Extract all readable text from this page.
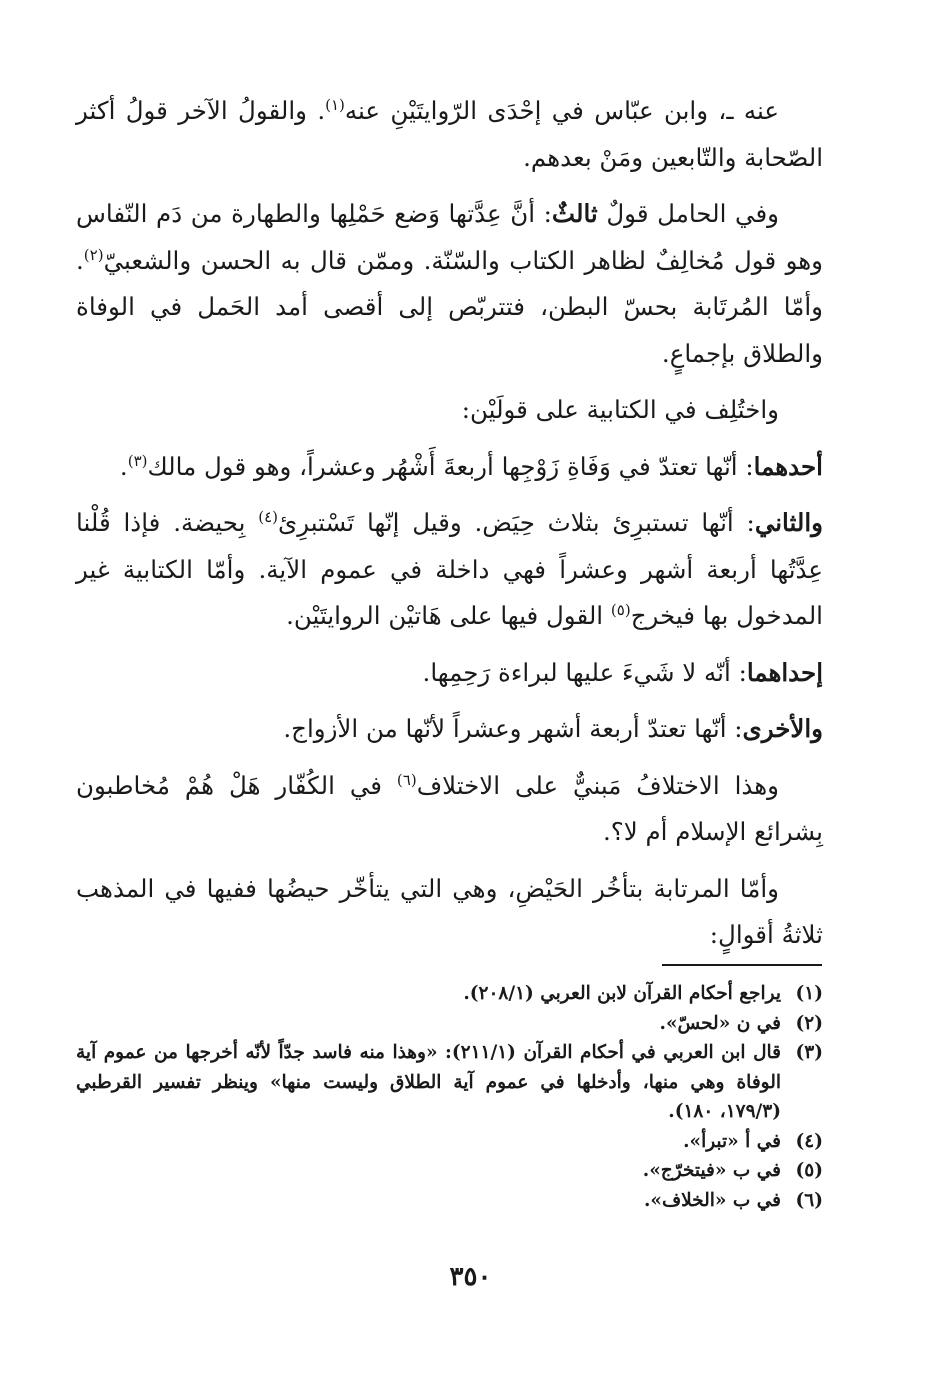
عنه ـ، وابن عبّاس في إحْدَى الرّوايتَيْنِ عنه$^{(١)}$. والقولُ الآخر قولُ أكثر الصّحابة والتّابعين ومَنْ بعدهم.

وفي الحامل قولٌ ثالثٌ: أنَّ عِدَّتها وَضع حَمْلِها والطهارة من دَم النّفاس وهو قول مُخالِفٌ لظاهر الكتاب والسّنّة. وممّن قال به الحسن والشعبيّ$^{(٢)}$. وأمّا المُرتَابة بحسّ البطن، فتتربّص إلى أقصى أمد الحَمل في الوفاة والطلاق بإجماعٍ.

واختُلِف في الكتابية على قولَيْن:

أحدهما: أنّها تعتدّ في وَفَاةِ زَوْجِها أربعةَ أَشْهُر وعشراً، وهو قول مالك$^{(٣)}$.

والثاني: أنّها تستبرِئ بثلاث حِيَض. وقيل إنّها تَسْتبرِئ$^{(٤)}$ بِحيضة. فإذا قُلْنا عِدَّتُها أربعة أشهر وعشراً فهي داخلة في عموم الآية. وأمّا الكتابية غير المدخول بها فيخرج$^{(٥)}$ القول فيها على هَاتيْن الروايتَيْن.

إحداهما: أنّه لا شَيءَ عليها لبراءة رَحِمِها.

والأخرى: أنّها تعتدّ أربعة أشهر وعشراً لأنّها من الأزواج.

وهذا الاختلافُ مَبنيٌّ على الاختلاف$^{(٦)}$ في الكُفّار هَلْ هُمْ مُخاطبون بِشرائع الإسلام أم لا؟.

وأمّا المرتابة بتأخُر الحَيْضِ، وهي التي يتأخّر حيضُها ففيها في المذهب ثلاثةُ أقوالٍ:

(١)
يراجع أحكام القرآن لابن العربي (٢٠٨/١).
(٢)
في ن «لحسّ».
(٣)
قال ابن العربي في أحكام القرآن (٢١١/١): «وهذا منه فاسد جدّاً لأنّه أخرجها من عموم آية الوفاة وهي منها، وأدخلها في عموم آية الطلاق وليست منها» وينظر تفسير القرطبي (١٧٩/٣، ١٨٠).
(٤)
في أ «تبرأ».
(٥)
في ب «فيتخرّج».
(٦)
في ب «الخلاف».
٣٥٠
